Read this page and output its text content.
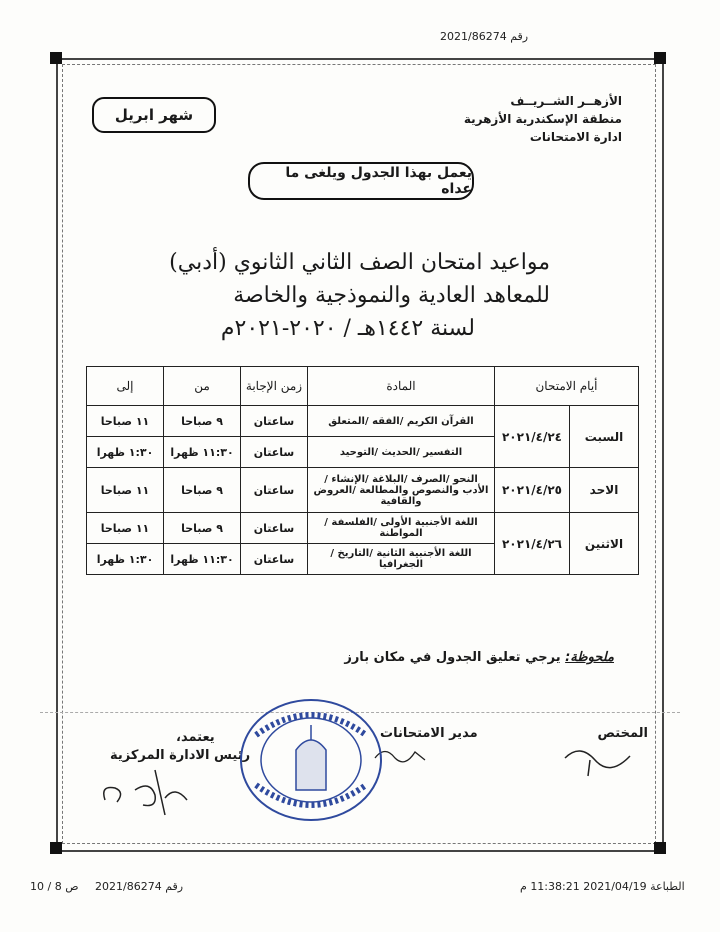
رقم 2021/86274
شهر ابريل
الأزهــر الشــريــف
منطقة الإسكندرية الأزهرية
ادارة الامتحانات
يعمل بهذا الجدول ويلغى ما عداه
مواعيد امتحان الصف الثاني الثانوي (أدبي)
للمعاهد العادية والنموذجية والخاصة
لسنة ١٤٤٢هـ / ٢٠٢٠-٢٠٢١م
أيام الامتحان		المادة	زمن الإجابة	من	إلى
السبت	٢٠٢١/٤/٢٤	القرآن الكريم /الفقه /المتعلق	ساعتان	٩ صباحا	١١ صباحا
		التفسير /الحديث /التوحيد	ساعتان	١١:٣٠ ظهرا	١:٣٠ ظهرا
الاحد	٢٠٢١/٤/٢٥	النحو /الصرف /البلاغة /الإنشاء /الأدب والنصوص والمطالعة /العروض والقافية	ساعتان	٩ صباحا	١١ صباحا
الاثنين	٢٠٢١/٤/٢٦	اللغة الأجنبية الأولى /الفلسفة /المواطنة	ساعتان	٩ صباحا	١١ صباحا
		اللغة الأجنبية الثانية /التاريخ /الجغرافيا	ساعتان	١١:٣٠ ظهرا	١:٣٠ ظهرا
ملحوظة: يرجي تعليق الجدول في مكان بارز
المختص
مدير الامتحانات
يعتمد،
رئيس الادارة المركزية
الطباعة 2021/04/19 11:38:21 م
رقم 2021/86274
ص 8 / 10
